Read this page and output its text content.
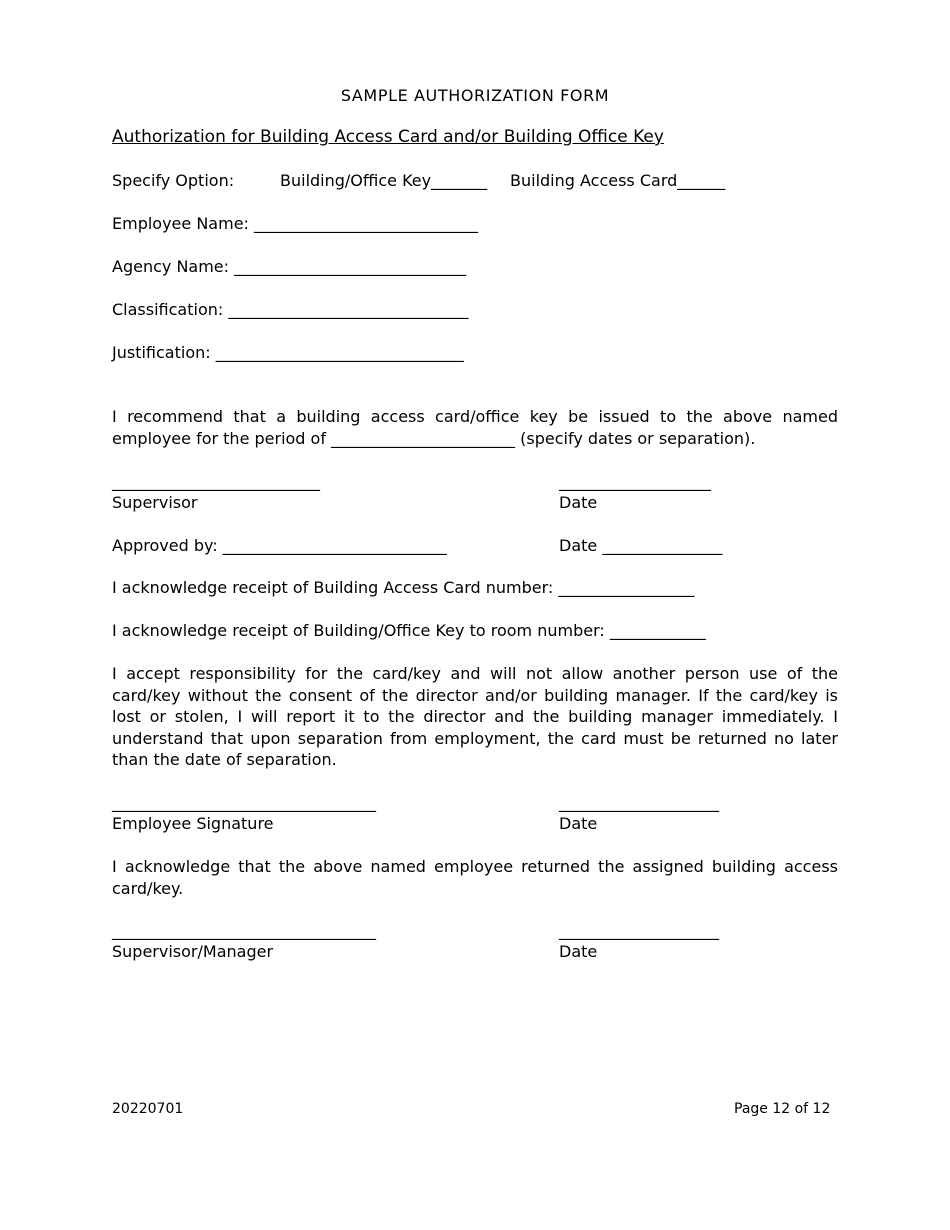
SAMPLE AUTHORIZATION FORM
Authorization for Building Access Card and/or Building Office Key
Specify Option:	Building/Office Key_______ Building Access Card______
Employee Name: ____________________________
Agency Name: _____________________________
Classification: ______________________________
Justification: _______________________________
I recommend that a building access card/office key be issued to the above named employee for the period of _______________________ (specify dates or separation).
__________________________	___________________
Supervisor	Date
Approved by: ____________________________	Date _______________
I acknowledge receipt of Building Access Card number: _________________
I acknowledge receipt of Building/Office Key to room number: ____________
I accept responsibility for the card/key and will not allow another person use of the card/key without the consent of the director and/or building manager. If the card/key is lost or stolen, I will report it to the director and the building manager immediately. I understand that upon separation from employment, the card must be returned no later than the date of separation.
_________________________________	____________________
Employee Signature	Date
I acknowledge that the above named employee returned the assigned building access card/key.
_________________________________	____________________
Supervisor/Manager	Date
20220701	Page 12 of 12
